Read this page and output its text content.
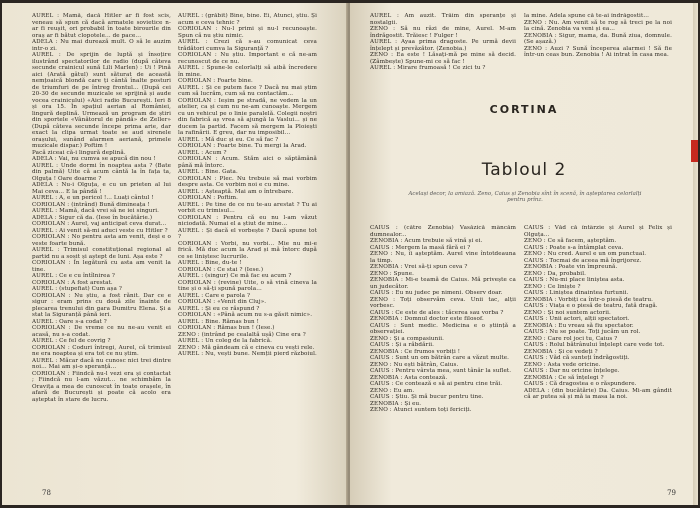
AUREL : Mamă, dacă Hitler ar fi fost scis, veneau să spun că dacă armatele sovietice n-ar fi reușit, ori probabil în toate birourile din oraș ar fi bătut clopotele... de pace...

ADELA : Nu mai durează mult. O să le auzim intr-o zi.

AUREL : De sprijin de luptă și însoțire ilustrând spectatorilor de radio (după câteva secunde crainicul sună Lili Marlen) : Ui ! Pină aici (Arată gâtul) sunt săturat de această nemțoaică blondă care ți cântă înalte posturi de triumfuri de pe întreg frontul... (După cei 20-30 de secunde muzicale se sprijină și aude vocea crainicului) «Aici radio București. Ieri 8 și ora 15. În spațiul aerian al României, lingură deplină. Urmează un program de știri din sportele «Vânătorul de pândă» de Zeller» (După câteva secunde începe prima arie, dar exact la clipa urmat toate se aud sirenele orașului, sunând alarmen aeriană, primele muzicale dispar.) Poftim !

Pacă ziceai că-i lingură deplină.

ADELA : Vai, nu cumva se apucă din nou !

AUREL : Unde dormi în noaptea asta ? (Bate din palmă) Uite că acum cântă la în fața ta, Olguța ! Oare doarme ?

ADELA : Nu-i Olguța, e cu un prieten al lui Mai ceva... E la pândă !

AUREL : A, e un pericol !... Luați cântul !

CORIOLAN : (intrând) Bună dimineața !

AUREL : Mamă, dacă vrei să ne iei singuri.

ADELA : Sigur că da. (Iese în bucătărie.)

CORIOLAN : Aurel, vaj anticipat ceva durat...

AUREL : Ai venit să-mi aduci veste cu Hitler ?

CORIOLAN : No pentru asta am venit, deși e o veste foarte bună.

AUREL : Trimisul constituțional regional al partid nu a sosit și aștept de luni. Așa este ?

CORIOLAN : În legătură cu asta am venit la tine.

AUREL : Ce e cu întîlnirea ?

CORIOLAN : A fost arestat.

AUREL : (stupefiat) Cum așa ?

CORIOLAN : Nu știu, a fost rănit. Dar ce e sigur : eram prins cu două zile înainte de plecarea trenului din gara Dumitru Elena. Și a stat la Siguranță până ieri.

AUREL : Oare s-a codat ?

CORIOLAN : De vreme ce nu ne-au venit ei acasă, nu s-a codat.

AUREL : Ce fel de covrig ?

CORIOLAN : Coduri întregi, Aurel, că trimisul ne era noaptea și era tot ce nu știm.

AUREL : Măcar dacă nu cunosc nici trei dintre noi... Mai am și-o speranță...

CORIOLAN : Fiindcă nu-l vezi era și contactat ; Fiindcă nu l-am văzut... ne schimbăm la Oravița a mea de cunoscut în toate orașele, în afară de București și poate că acolo era așteptat în stare de lucru.

AUREL : (grăbit) Bine, bine. Ei, Atunci, știu. Și acum e ceva tehnic ?

CORIOLAN : Nu-l primi și nu-l recunoaște. Spun că nu știu nimic.

AUREL : Crezi că s-au comunicat ceva trădători cumva la Siguranță ?

CORIOLAN : Nu știu. Important e că ne-am recunoscut de ce nu.

AUREL : Spune-le celorlalți să aibă încredere în mine.

CORIOLAN : Foarte bine.

AUREL : Și ce putem face ? Dacă nu mai știm cum să lucrăm, cum să nu contactăm...

CORIOLAN : Ieșim pe stradă, ne vedem la un atelier, ca și cum nu ne-am cunoaște. Mergem cu un vehicul pe o linie paralelă. Colegii noștri din fabrică aș vrea să ajungă la Vaslui... și ne ducem la partid. Facem să mergem la Ploiești la rafinării. E greu, dar nu imposibil...

AUREL : Mă duc și eu. Ce să fac ?

CORIOLAN : Foarte bine. Tu mergi la Arad.

AUREL : Acum ?

CORIOLAN : Acum. Stăm aici o săptămână până mă întorc.

AUREL : Bine. Gata.

CORIOLAN : Plec. Nu trebuie să mai vorbim despre asta. Ce vorbim noi e cu mine.

AUREL : Așteaptă. Mai am o întrebare.

CORIOLAN : Poftim.

AUREL : Pe tine de ce nu te-au arestat ? Tu ai vorbit cu trimisul...

CORIOLAN : Pentru că eu nu l-am văzut niciodată. Numai el a știut de mine...

AUREL : Și dacă el vorbește ? Dacă spune tot ?

CORIOLAN : Vorbi, nu vorbi... Mie nu mi-e frică. Mă duc acum la Arad și mă întorc după ce se liniștesc lucrurile.

AUREL : Bine, du-te !

CORIOLAN : Ce stai ? (Iese.)

AUREL : (singur) Ce mă fac eu acum ?

CORIOLAN : (revine) Uite, o să vină cineva la tine și o să-ți spună parola...

AUREL : Care e parola ?

CORIOLAN : «Venit din Cluj».

AUREL : Și eu ce răspund ?

CORIOLAN : «Până acum nu s-a găsit nimic».

AUREL : Bine. Rămas bun !

CORIOLAN : Rămas bun ! (Iese.)

ZENO : (intrând pe cealaltă ușă) Cine era ?

AUREL : Un coleg de la fabrică.

ZENO : Mă gândeam că e cineva cu vești rele.

AUREL : Nu, vești bune. Nemții pierd războiul.

78

AUREL : Am auzit. Trăim din speranțe și nostalgii.

ZENO : Să nu râzi de mine, Aurel. M-am îndrăgostit. Trăiesc ! Fulger !

AUREL : Ayaa prima dragoste. Pe urmă devii înțelept și prevăzător. (Zenobia.)

ZENO : Ea este ! Lăsați-mă pe mine să decid. (Zâmbește) Spune-mi ce să fac !

AUREL : Mirare frumoasă ! Ce zici tu ?

la mine. Adela spune că te-ai îndrăgostit...

ZENO : Nu. Am venit să te rog să treci pe la noi la cină. Zenobia va veni și ea...

ZENOBIA : Sigur, mama, da. Bună ziua, domnule. (Se așază.)

ZENO : Auzi ? Sună începerea alarmei ! Să fie într-un ceas bun. Zenobia ! Ai intrat în casa mea.

CORTINA
Tabloul 2
Același decor, la amiază. Zeno, Caius și Zenobia sînt în scenă, în așteptarea celorlalți pentru prînz.

CAIUS : (către Zenobia) Vasăzică mâncăm dumnealor...

ZENOBIA : Acum trebuie să vină și ei.

CAIUS : Mergem la masă fără ei ?

ZENO : Nu, îi așteptăm. Aurel vine întotdeauna la timp.

ZENOBIA : Vrei să-ți spun ceva ?

ZENO : Spune.

ZENOBIA : Mi-e teamă de Caius. Mă privește ca un judecător.

CAIUS : Eu nu judec pe nimeni. Observ doar.

ZENO : Toți observăm ceva. Unii tac, alții vorbesc.

CAIUS : Ce este de ales : tăcerea sau vorba ?

ZENOBIA : Domnul doctor este filosof.

CAIUS : Sunt medic. Medicina e o știință a observației.

ZENO : Și a compasiunii.

CAIUS : Și a răbdării.

ZENOBIA : Ce frumos vorbiți !

CAIUS : Sunt un om bătrân care a văzut multe.

ZENO : Nu ești bătrân, Caius.

CAIUS : Pentru vârsta mea, sunt tânăr la suflet.

ZENOBIA : Asta contează.

CAIUS : Ce contează e să ai pentru cine trăi.

ZENO : Eu am.

CAIUS : Știu. Și mă bucur pentru tine.

ZENOBIA : Și eu.

ZENO : Atunci suntem toți fericiți.

CAIUS : Văd că întârzie și Aurel și Felix și Olguța...

ZENO : Ce să facem, așteptăm.

CAIUS : Poate s-a întâmplat ceva.

ZENO : Nu cred. Aurel e un om punctual.

CAIUS : Tocmai de aceea mă îngrijorez.

ZENOBIA : Poate vin împreună.

ZENO : Da, probabil.

CAIUS : Nu-mi place liniștea asta.

ZENO : Ce liniște ?

CAIUS : Liniștea dinaintea furtunii.

ZENOBIA : Vorbiți ca într-o piesă de teatru.

CAIUS : Viața e o piesă de teatru, fată dragă.

ZENO : Și noi suntem actorii.

CAIUS : Unii actori, alții spectatori.

ZENOBIA : Eu vreau să fiu spectator.

CAIUS : Nu se poate. Toți jucăm un rol.

ZENO : Care rol joci tu, Caius ?

CAIUS : Rolul bătrânului înțelept care vede tot.

ZENOBIA : Și ce vedeți ?

CAIUS : Văd că sunteți îndrăgostiți.

ZENO : Asta vede oricine.

CAIUS : Dar nu oricine înțelege.

ZENOBIA : Ce să înțelegi ?

CAIUS : Că dragostea e o răspundere.

ADELA : (din bucătărie) Da. Caius. Mi-am gândit că ar putea să și mă ia masa la noi.

79
